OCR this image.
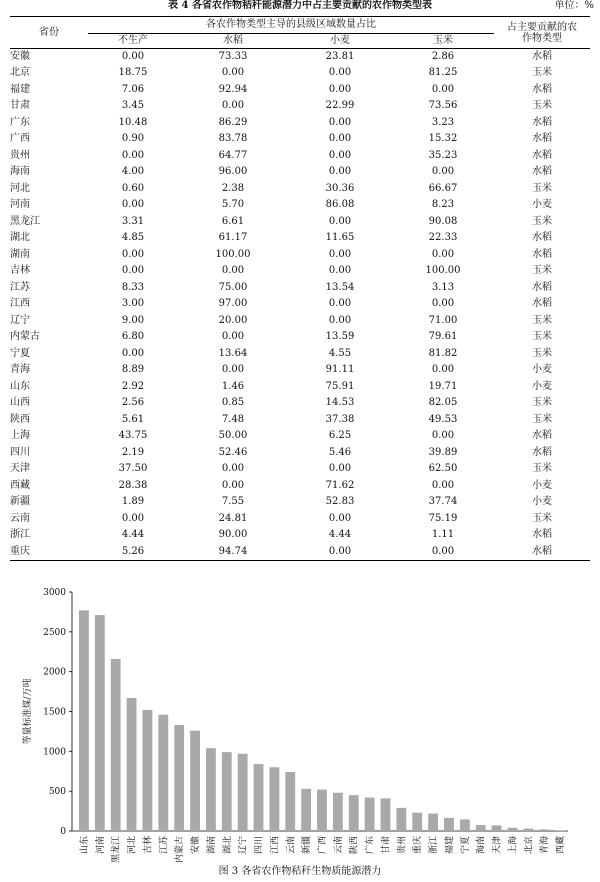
表 4 各省农作物秸秆能源潜力中占主要贡献的农作物类型表	单位：%
省份	各农作物类型主导的县级区域数量占比				占主要贡献的农作物类型
	不生产	水稻	小麦	玉米	
安徽	0.00	73.33	23.81	2.86	水稻
北京	18.75	0.00	0.00	81.25	玉米
福建	7.06	92.94	0.00	0.00	水稻
甘肃	3.45	0.00	22.99	73.56	玉米
广东	10.48	86.29	0.00	3.23	水稻
广西	0.90	83.78	0.00	15.32	水稻
贵州	0.00	64.77	0.00	35.23	水稻
海南	4.00	96.00	0.00	0.00	水稻
河北	0.60	2.38	30.36	66.67	玉米
河南	0.00	5.70	86.08	8.23	小麦
黑龙江	3.31	6.61	0.00	90.08	玉米
湖北	4.85	61.17	11.65	22.33	水稻
湖南	0.00	100.00	0.00	0.00	水稻
吉林	0.00	0.00	0.00	100.00	玉米
江苏	8.33	75.00	13.54	3.13	水稻
江西	3.00	97.00	0.00	0.00	水稻
辽宁	9.00	20.00	0.00	71.00	玉米
内蒙古	6.80	0.00	13.59	79.61	玉米
宁夏	0.00	13.64	4.55	81.82	玉米
青海	8.89	0.00	91.11	0.00	小麦
山东	2.92	1.46	75.91	19.71	小麦
山西	2.56	0.85	14.53	82.05	玉米
陕西	5.61	7.48	37.38	49.53	玉米
上海	43.75	50.00	6.25	0.00	水稻
四川	2.19	52.46	5.46	39.89	水稻
天津	37.50	0.00	0.00	62.50	玉米
西藏	28.38	0.00	71.62	0.00	小麦
新疆	1.89	7.55	52.83	37.74	小麦
云南	0.00	24.81	0.00	75.19	玉米
浙江	4.44	90.00	4.44	1.11	水稻
重庆	5.26	94.74	0.00	0.00	水稻
0
500
1000
1500
2000
2500
3000
等量标准煤/万吨
山东 河南 黑龙江 河北 吉林 江苏 内蒙古 安徽 湖南 湖北 辽宁 四川 江西 云南 新疆 广西 云南 陕西 广东 甘肃 贵州 重庆 浙江 福建 宁夏 海南 天津 上海 北京 青海 西藏
图 3 各省农作物秸秆生物质能源潜力
